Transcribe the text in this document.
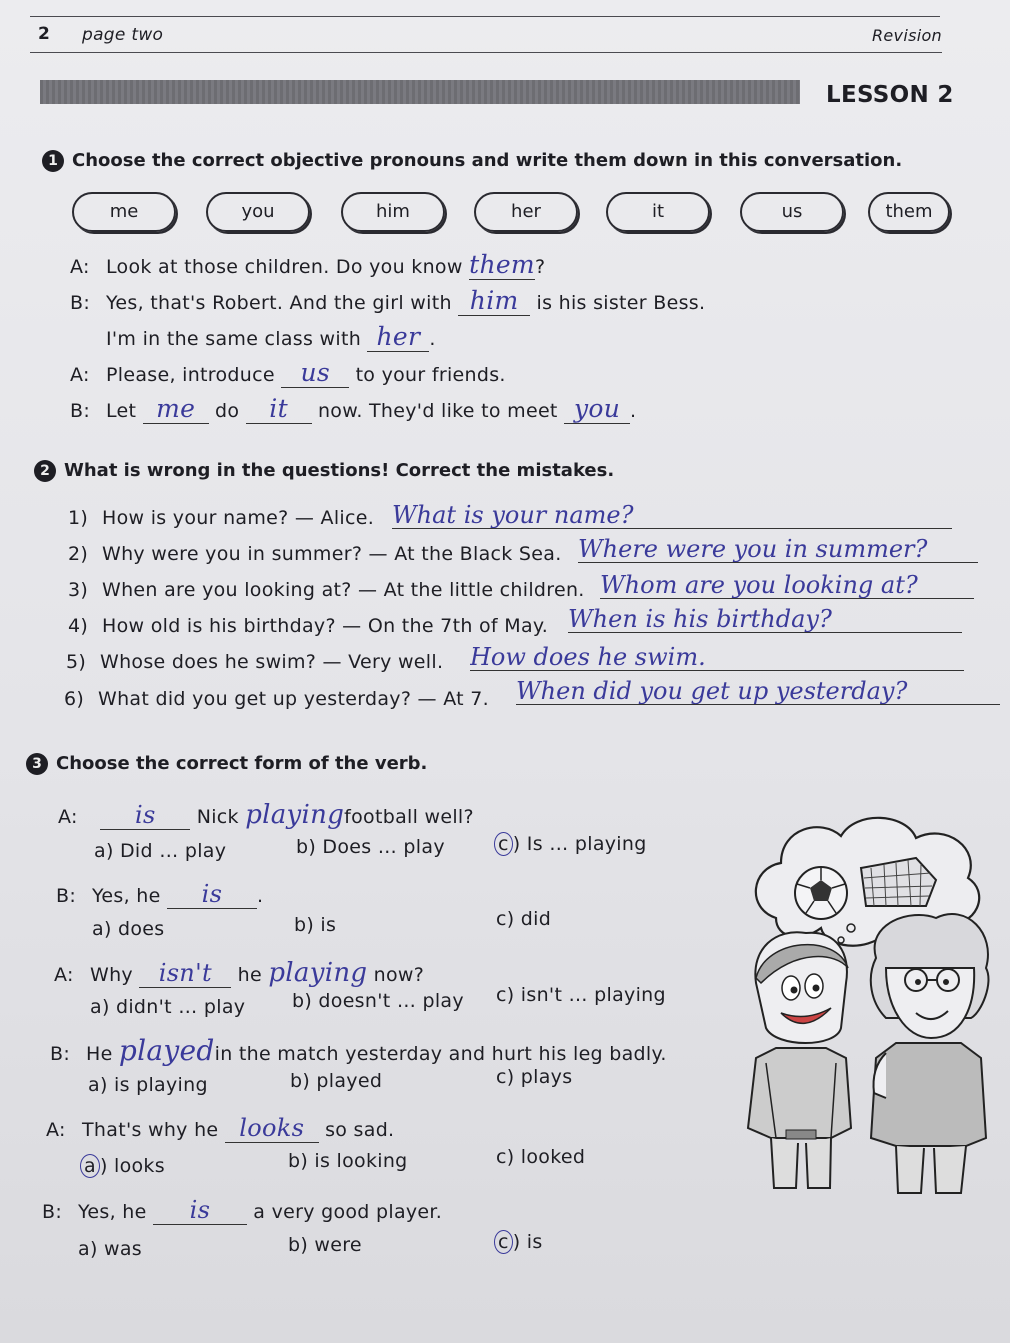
2 page two	Revision
LESSON 2
1 Choose the correct objective pronouns and write them down in this conversation.
me	you	him	her	it	us	them
A: Look at those children. Do you know them?
B: Yes, that's Robert. And the girl with him is his sister Bess.
I'm in the same class with her .
A: Please, introduce us to your friends.
B: Let me do it now. They'd like to meet you .
2 What is wrong in the questions! Correct the mistakes.
1) How is your name? — Alice. What is your name?
2) Why were you in summer? — At the Black Sea. Where were you in summer?
3) When are you looking at? — At the little children. Whom are you looking at?
4) How old is his birthday? — On the 7th of May. When is his birthday?
5) Whose does he swim? — Very well. How does he swim.
6) What did you get up yesterday? — At 7. When did you get up yesterday?
3 Choose the correct form of the verb.
A: is Nick playingfootball well?
a) Did … play	b) Does … play	c ) Is … playing
B: Yes, he is .
a) does	b) is	c) did
A: Why isn't he playing now?
a) didn't … play b) doesn't … play c) isn't … playing
B: He playedin the match yesterday and hurt his leg badly.
a) is playing	b) played	c) plays
A: That's why he looks so sad.
a ) looks	b) is looking	c) looked
B: Yes, he is a very good player.
a) was	b) were	c ) is
